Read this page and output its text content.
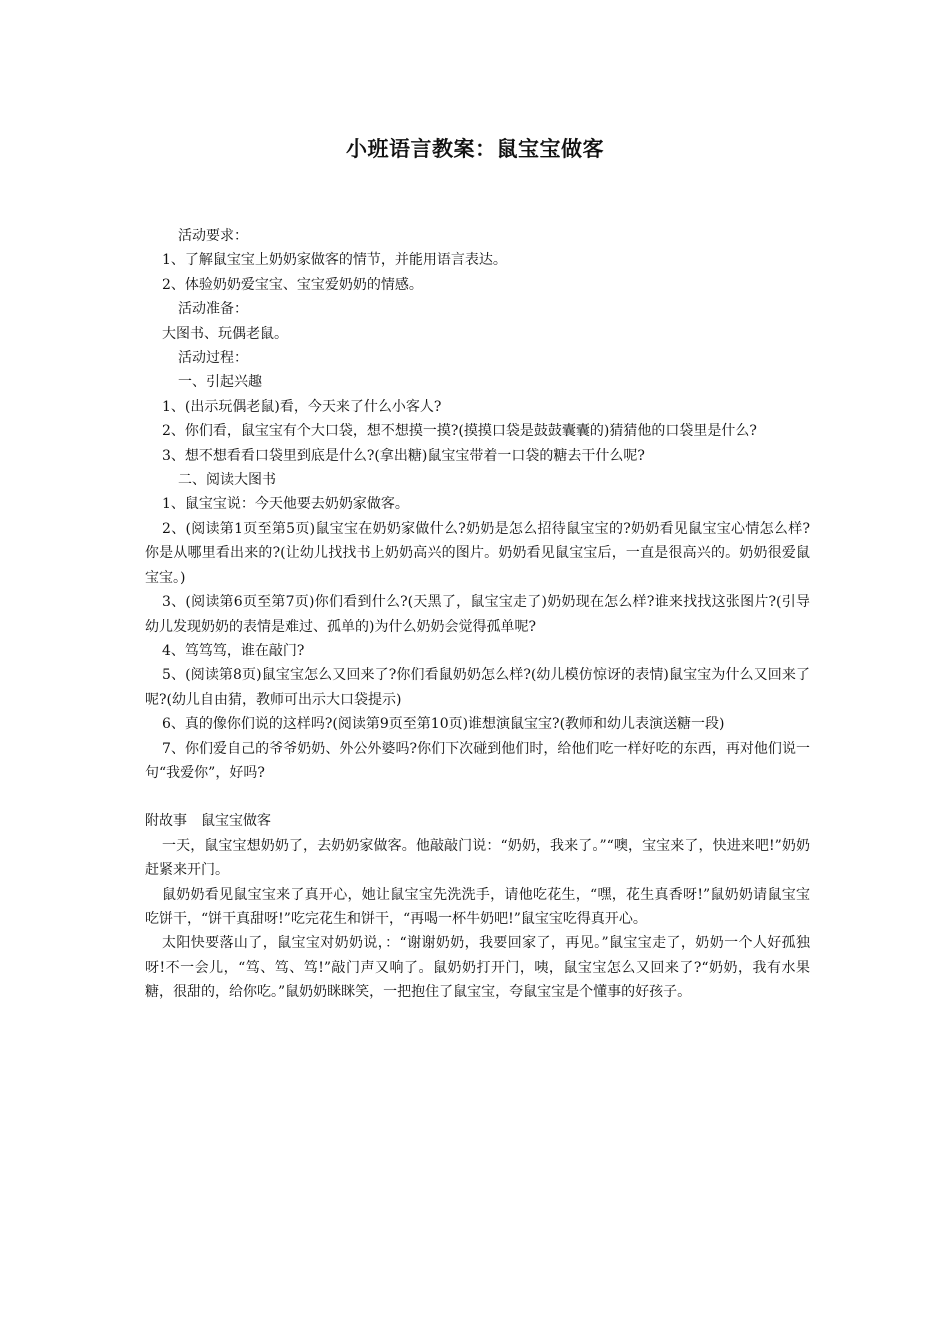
小班语言教案：鼠宝宝做客

活动要求：

1、了解鼠宝宝上奶奶家做客的情节，并能用语言表达。

2、体验奶奶爱宝宝、宝宝爱奶奶的情感。

活动准备：

大图书、玩偶老鼠。

活动过程：

一、引起兴趣

1、(出示玩偶老鼠)看，今天来了什么小客人?

2、你们看，鼠宝宝有个大口袋，想不想摸一摸?(摸摸口袋是鼓鼓囊囊的)猜猜他的口袋里是什么?

3、想不想看看口袋里到底是什么?(拿出糖)鼠宝宝带着一口袋的糖去干什么呢?

二、阅读大图书

1、鼠宝宝说：今天他要去奶奶家做客。

2、(阅读第1页至第5页)鼠宝宝在奶奶家做什么?奶奶是怎么招待鼠宝宝的?奶奶看见鼠宝宝心情怎么样?你是从哪里看出来的?(让幼儿找找书上奶奶高兴的图片。奶奶看见鼠宝宝后，一直是很高兴的。奶奶很爱鼠宝宝。)

3、(阅读第6页至第7页)你们看到什么?(天黑了，鼠宝宝走了)奶奶现在怎么样?谁来找找这张图片?(引导幼儿发现奶奶的表情是难过、孤单的)为什么奶奶会觉得孤单呢?

4、笃笃笃，谁在敲门?

5、(阅读第8页)鼠宝宝怎么又回来了?你们看鼠奶奶怎么样?(幼儿模仿惊讶的表情)鼠宝宝为什么又回来了呢?(幼儿自由猜，教师可出示大口袋提示)

6、真的像你们说的这样吗?(阅读第9页至第10页)谁想演鼠宝宝?(教师和幼儿表演送糖一段)

7、你们爱自己的爷爷奶奶、外公外婆吗?你们下次碰到他们时，给他们吃一样好吃的东西，再对他们说一句“我爱你”，好吗?

附故事　鼠宝宝做客

一天，鼠宝宝想奶奶了，去奶奶家做客。他敲敲门说：“奶奶，我来了。”“噢，宝宝来了，快进来吧!”奶奶赶紧来开门。

鼠奶奶看见鼠宝宝来了真开心，她让鼠宝宝先洗洗手，请他吃花生，“嘿，花生真香呀!”鼠奶奶请鼠宝宝吃饼干，“饼干真甜呀!”吃完花生和饼干，“再喝一杯牛奶吧!”鼠宝宝吃得真开心。

太阳快要落山了，鼠宝宝对奶奶说，：“谢谢奶奶，我要回家了，再见。”鼠宝宝走了，奶奶一个人好孤独呀!不一会儿，“笃、笃、笃!”敲门声又响了。鼠奶奶打开门，咦，鼠宝宝怎么又回来了?“奶奶，我有水果糖，很甜的，给你吃。”鼠奶奶眯眯笑，一把抱住了鼠宝宝，夸鼠宝宝是个懂事的好孩子。
